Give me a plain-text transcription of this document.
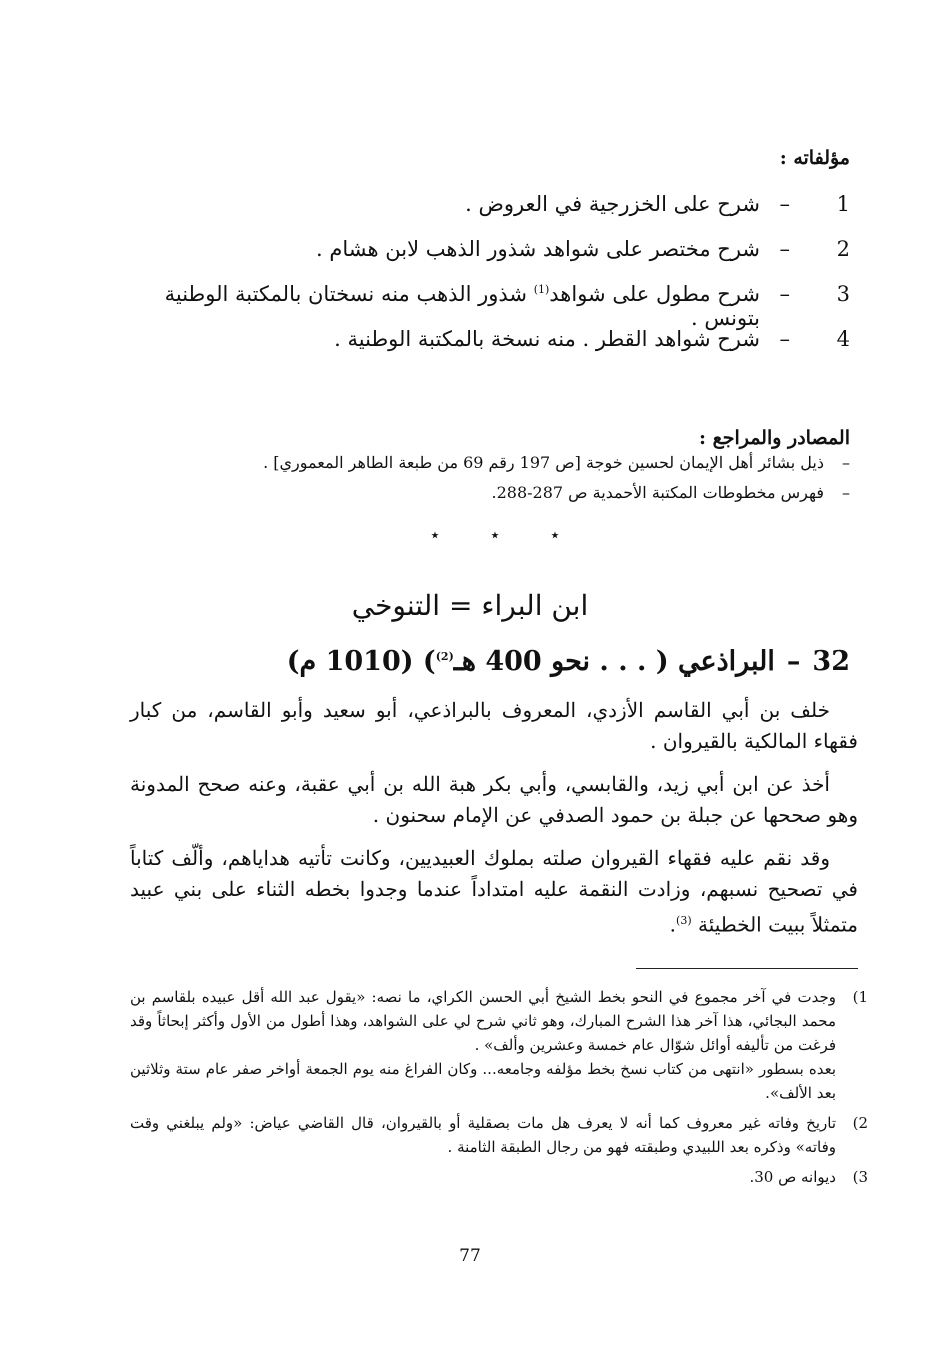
مؤلفاته :
1
–
شرح على الخزرجية في العروض .
2
–
شرح مختصر على شواهد شذور الذهب لابن هشام .
3
–
شرح مطول على شواهد$^{(1)}$ شذور الذهب منه نسختان بالمكتبة الوطنية بتونس .
4
–
شرح شواهد القطر . منه نسخة بالمكتبة الوطنية .
المصادر والمراجع :
–
ذيل بشائر أهل الإيمان لحسين خوجة [ص 197 رقم 69 من طبعة الطاهر المعموري] .
–
فهرس مخطوطات المكتبة الأحمدية ص 287-288.
٭	٭	٭
ابن البراء = التنوخي
32
–
البراذعي ( . . . نحو 400 هـ$^{(2)}$) (1010 م)

خلف بن أبي القاسم الأزدي، المعروف بالبراذعي، أبو سعيد وأبو القاسم، من كبار فقهاء المالكية بالقيروان .

أخذ عن ابن أبي زيد، والقابسي، وأبي بكر هبة الله بن أبي عقبة، وعنه صحح المدونة وهو صححها عن جبلة بن حمود الصدفي عن الإمام سحنون .

وقد نقم عليه فقهاء القيروان صلته بملوك العبيديين، وكانت تأتيه هداياهم، وألّف كتاباً في تصحيح نسبهم، وزادت النقمة عليه امتداداً عندما وجدوا بخطه الثناء على بني عبيد متمثلاً ببيت الخطيئة $^{(3)}$.

1)
وجدت في آخر مجموع في النحو بخط الشيخ أبي الحسن الكراي، ما نصه: «يقول عبد الله أقل عبيده بلقاسم بن محمد البجائي، هذا آخر هذا الشرح المبارك، وهو ثاني شرح لي على الشواهد، وهذا أطول من الأول وأكثر إبحاثاً وقد فرغت من تأليفه أوائل شوّال عام خمسة وعشرين وألف» .
بعده بسطور «انتهى من كتاب نسخ بخط مؤلفه وجامعه... وكان الفراغ منه يوم الجمعة أواخر صفر عام ستة وثلاثين بعد الألف».
2)
تاريخ وفاته غير معروف كما أنه لا يعرف هل مات بصقلية أو بالقيروان، قال القاضي عياض: «ولم يبلغني وقت وفاته» وذكره بعد اللبيدي وطبقته فهو من رجال الطبقة الثامنة .
3)
ديوانه ص 30.
77
